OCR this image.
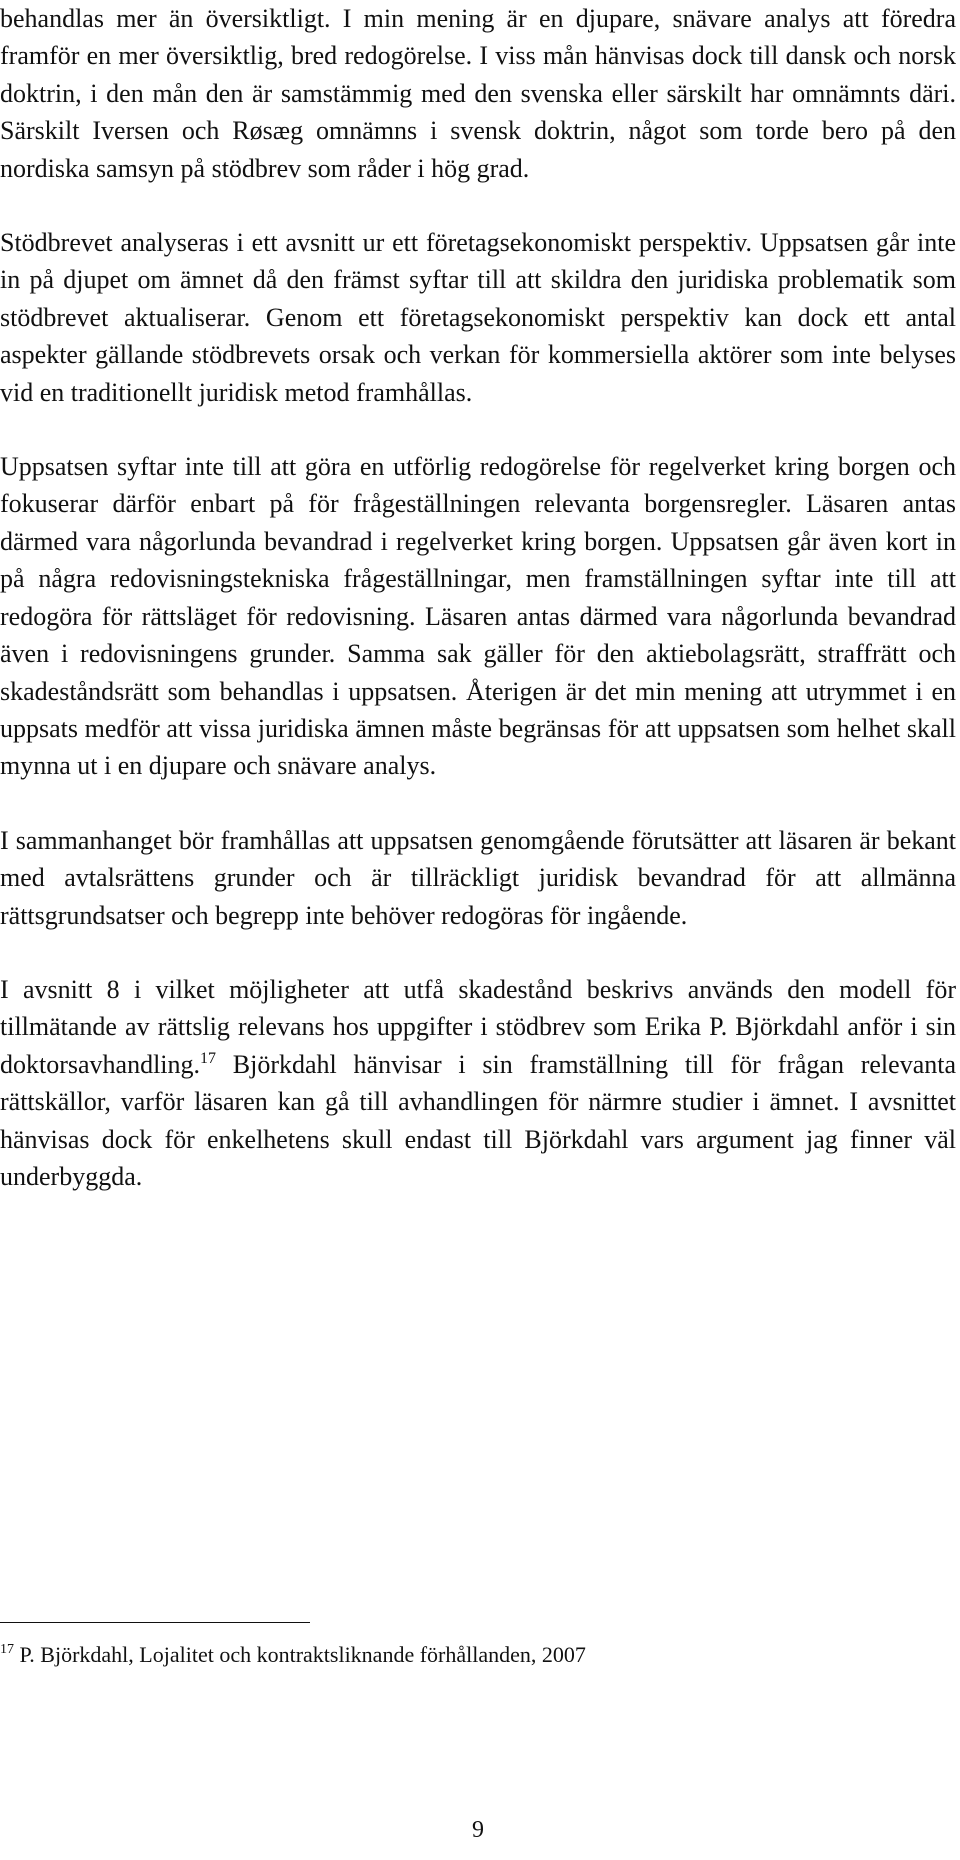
behandlas mer än översiktligt. I min mening är en djupare, snävare analys att föredra framför en mer översiktlig, bred redogörelse. I viss mån hänvisas dock till dansk och norsk doktrin, i den mån den är samstämmig med den svenska eller särskilt har omnämnts däri. Särskilt Iversen och Røsæg omnämns i svensk doktrin, något som torde bero på den nordiska samsyn på stödbrev som råder i hög grad.

Stödbrevet analyseras i ett avsnitt ur ett företagsekonomiskt perspektiv. Uppsatsen går inte in på djupet om ämnet då den främst syftar till att skildra den juridiska problematik som stödbrevet aktualiserar. Genom ett företagsekonomiskt perspektiv kan dock ett antal aspekter gällande stödbrevets orsak och verkan för kommersiella aktörer som inte belyses vid en traditionellt juridisk metod framhållas.

Uppsatsen syftar inte till att göra en utförlig redogörelse för regelverket kring borgen och fokuserar därför enbart på för frågeställningen relevanta borgensregler. Läsaren antas därmed vara någorlunda bevandrad i regelverket kring borgen. Uppsatsen går även kort in på några redovisningstekniska frågeställningar, men framställningen syftar inte till att redogöra för rättsläget för redovisning. Läsaren antas därmed vara någorlunda bevandrad även i redovisningens grunder. Samma sak gäller för den aktiebolagsrätt, straffrätt och skadeståndsrätt som behandlas i uppsatsen. Återigen är det min mening att utrymmet i en uppsats medför att vissa juridiska ämnen måste begränsas för att uppsatsen som helhet skall mynna ut i en djupare och snävare analys.

I sammanhanget bör framhållas att uppsatsen genomgående förutsätter att läsaren är bekant med avtalsrättens grunder och är tillräckligt juridisk bevandrad för att allmänna rättsgrundsatser och begrepp inte behöver redogöras för ingående.

I avsnitt 8 i vilket möjligheter att utfå skadestånd beskrivs används den modell för tillmätande av rättslig relevans hos uppgifter i stödbrev som Erika P. Björkdahl anför i sin doktorsavhandling.$^{17}$ Björkdahl hänvisar i sin framställning till för frågan relevanta rättskällor, varför läsaren kan gå till avhandlingen för närmre studier i ämnet. I avsnittet hänvisas dock för enkelhetens skull endast till Björkdahl vars argument jag finner väl underbyggda.

$^{17}$ P. Björkdahl, Lojalitet och kontraktsliknande förhållanden, 2007
9
